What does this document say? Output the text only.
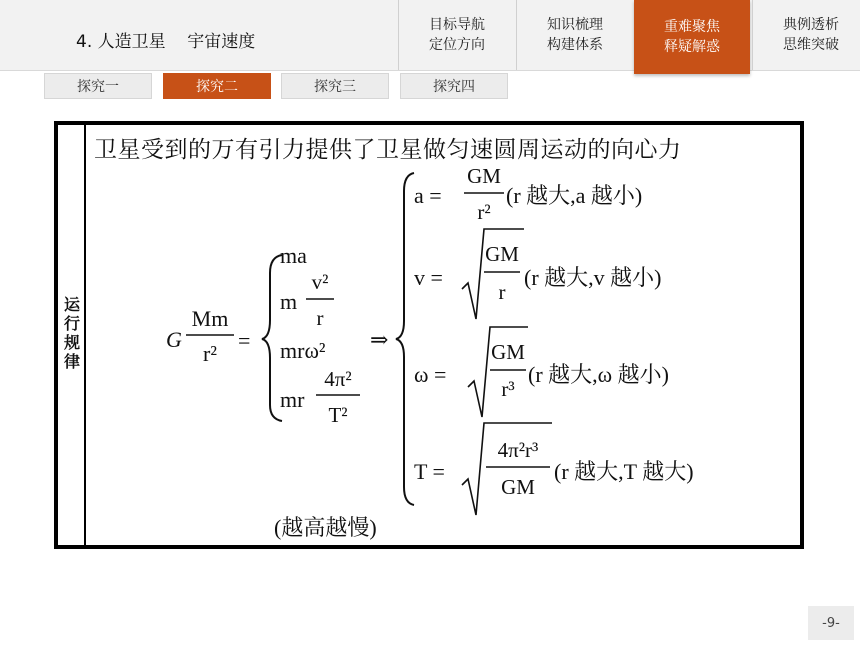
4. 人造卫星    宇宙速度
目标导航
定位方向
知识梳理
构建体系
重难聚焦
释疑解惑
典例透析
思维突破
探究一	探究二	探究三	探究四
运行规律
卫星受到的万有引力提供了卫星做匀速圆周运动的向心力
G
Mm
r²
=
ma
m
v²
r
mrω²
mr
4π²
T²
⇒
a =
GM
r²
(r 越大,a 越小)
v =
GM
r
(r 越大,v 越小)
ω =
GM
r³
(r 越大,ω 越小)
T =
4π²r³
GM
(r 越大,T 越大)
(越高越慢)
-9-
